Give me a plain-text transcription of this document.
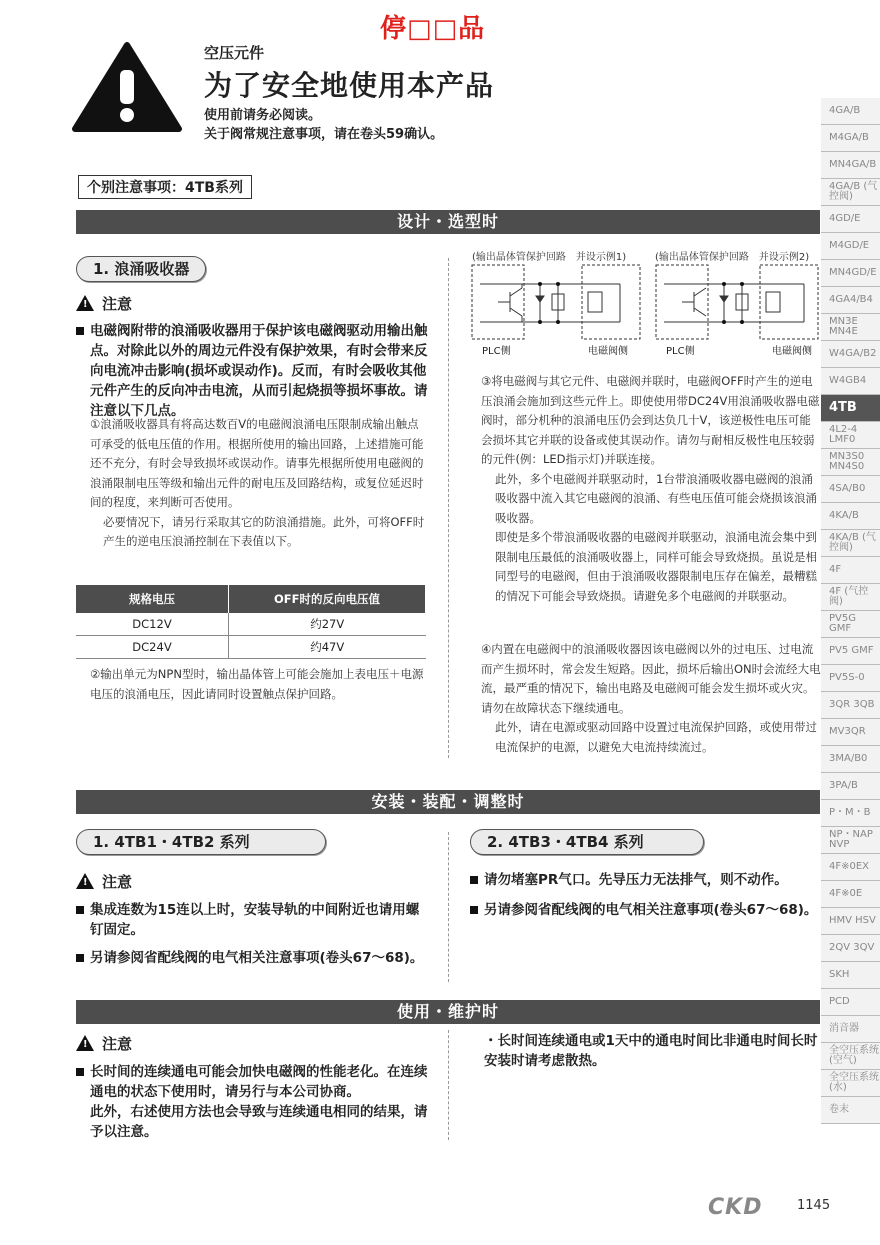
停□□品
空压元件
为了安全地使用本产品
使用前请务必阅读。
关于阀常规注意事项，请在卷头59确认。
个别注意事项：4TB系列
设计・选型时
1. 浪涌吸收器
!注意
电磁阀附带的浪涌吸收器用于保护该电磁阀驱动用输出触点。对除此以外的周边元件没有保护效果，有时会带来反向电流冲击影响(损坏或误动作)。反而，有时会吸收其他元件产生的反向冲击电流，从而引起烧损等损坏事故。请注意以下几点。
①浪涌吸收器具有将高达数百V的电磁阀浪涌电压限制成输出触点可承受的低电压值的作用。根据所使用的输出回路，上述措施可能还不充分，有时会导致损坏或误动作。请事先根据所使用电磁阀的浪涌限制电压等级和输出元件的耐电压及回路结构，或复位延迟时间的程度，来判断可否使用。
必要情况下，请另行采取其它的防浪涌措施。此外，可将OFF时产生的逆电压浪涌控制在下表值以下。
规格电压	OFF时的反向电压值
DC12V	约27V
DC24V	约47V
②输出单元为NPN型时，输出晶体管上可能会施加上表电压＋电源电压的浪涌电压，因此请同时设置触点保护回路。
(输出晶体管保护回路　并设示例1)	(输出晶体管保护回路　并设示例2)
PLC侧	电磁阀侧	PLC侧	电磁阀侧
③将电磁阀与其它元件、电磁阀并联时，电磁阀OFF时产生的逆电压浪涌会施加到这些元件上。即使使用带DC24V用浪涌吸收器电磁阀时，部分机种的浪涌电压仍会到达负几十V，该逆极性电压可能会损坏其它并联的设备或使其误动作。请勿与耐相反极性电压较弱的元件(例：LED指示灯)并联连接。
此外，多个电磁阀并联驱动时，1台带浪涌吸收器电磁阀的浪涌吸收器中流入其它电磁阀的浪涌、有些电压值可能会烧损该浪涌吸收器。
即使是多个带浪涌吸收器的电磁阀并联驱动，浪涌电流会集中到限制电压最低的浪涌吸收器上，同样可能会导致烧损。虽说是相同型号的电磁阀，但由于浪涌吸收器限制电压存在偏差，最糟糕的情况下可能会导致烧损。请避免多个电磁阀的并联驱动。
④内置在电磁阀中的浪涌吸收器因该电磁阀以外的过电压、过电流而产生损坏时，常会发生短路。因此，损坏后输出ON时会流经大电流，最严重的情况下，输出电路及电磁阀可能会发生损坏或火灾。请勿在故障状态下继续通电。
此外，请在电源或驱动回路中设置过电流保护回路，或使用带过电流保护的电源，以避免大电流持续流过。
安装・装配・调整时
1. 4TB1・4TB2 系列	2. 4TB3・4TB4 系列
!注意
集成连数为15连以上时，安装导轨的中间附近也请用螺钉固定。
另请参阅省配线阀的电气相关注意事项(卷头67～68)。
请勿堵塞PR气口。先导压力无法排气，则不动作。
另请参阅省配线阀的电气相关注意事项(卷头67～68)。
使用・维护时
!注意
长时间的连续通电可能会加快电磁阀的性能老化。在连续通电的状态下使用时，请另行与本公司协商。
此外，右述使用方法也会导致与连续通电相同的结果，请予以注意。
・长时间连续通电或1天中的通电时间比非通电时间长时
安装时请考虑散热。
4GA/B
M4GA/B
MN4GA/B
4GA/B (气控阀)
4GD/E
M4GD/E
MN4GD/E
4GA4/B4
MN3E MN4E
W4GA/B2
W4GB4
4TB
4L2-4 LMF0
MN3S0 MN4S0
4SA/B0
4KA/B
4KA/B (气控阀)
4F
4F (气控阀)
PV5G GMF
PV5 GMF
PV5S-0
3QR 3QB
MV3QR
3MA/B0
3PA/B
P・M・B
NP・NAP NVP
4F※0EX
4F※0E
HMV HSV
2QV 3QV
SKH
PCD
消音器
全空压系统 (空气)
全空压系统 (水)
卷末
CKD	1145
